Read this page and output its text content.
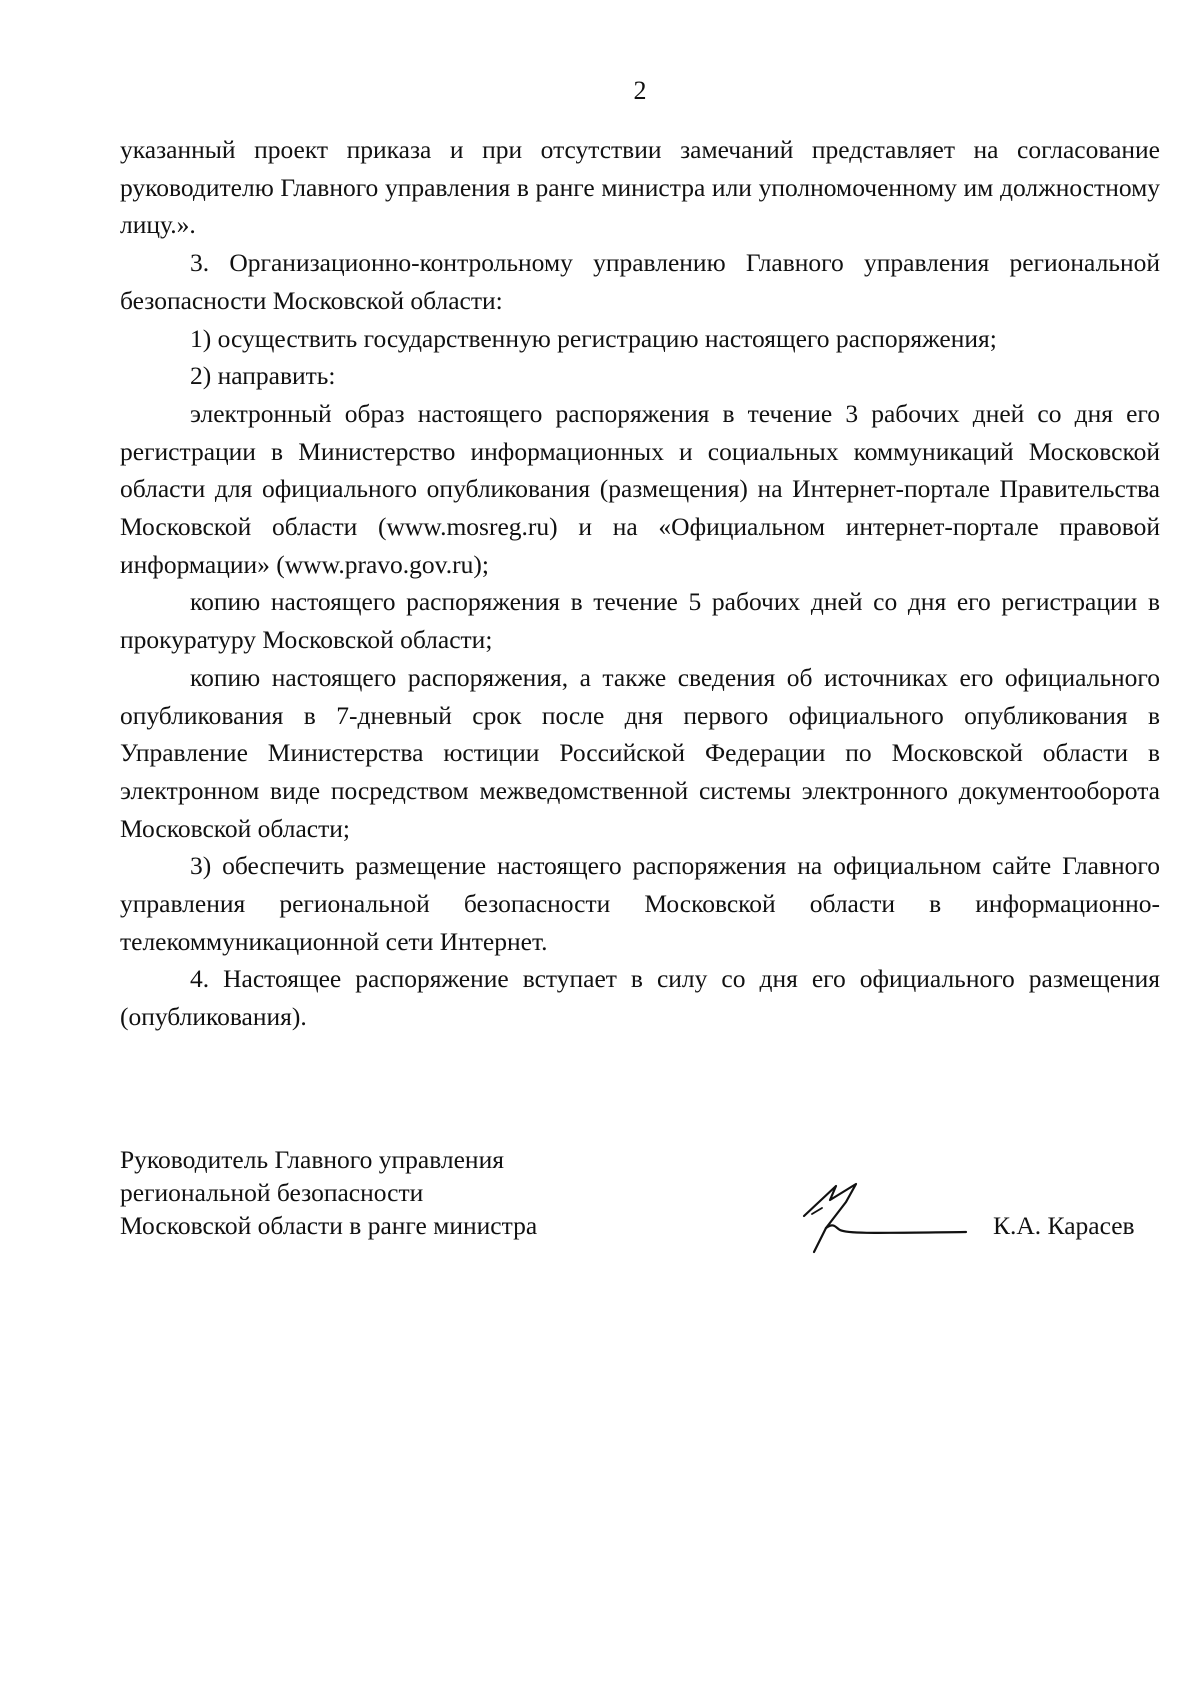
2

указанный проект приказа и при отсутствии замечаний представляет на согласование руководителю Главного управления в ранге министра или уполномоченному им должностному лицу.».

3. Организационно-контрольному управлению Главного управления региональной безопасности Московской области:

1) осуществить государственную регистрацию настоящего распоряжения;

2) направить:

электронный образ настоящего распоряжения в течение 3 рабочих дней со дня его регистрации в Министерство информационных и социальных коммуникаций Московской области для официального опубликования (размещения) на Интернет-портале Правительства Московской области (www.mosreg.ru) и на «Официальном интернет-портале правовой информации» (www.pravo.gov.ru);

копию настоящего распоряжения в течение 5 рабочих дней со дня его регистрации в прокуратуру Московской области;

копию настоящего распоряжения, а также сведения об источниках его официального опубликования в 7-дневный срок после дня первого официального опубликования в Управление Министерства юстиции Российской Федерации по Московской области в электронном виде посредством межведомственной системы электронного документооборота Московской области;

3) обеспечить размещение настоящего распоряжения на официальном сайте Главного управления региональной безопасности Московской области в информационно-телекоммуникационной сети Интернет.

4. Настоящее распоряжение вступает в силу со дня его официального размещения (опубликования).

Руководитель Главного управления
региональной безопасности
Московской области в ранге министра	К.А. Карасев
